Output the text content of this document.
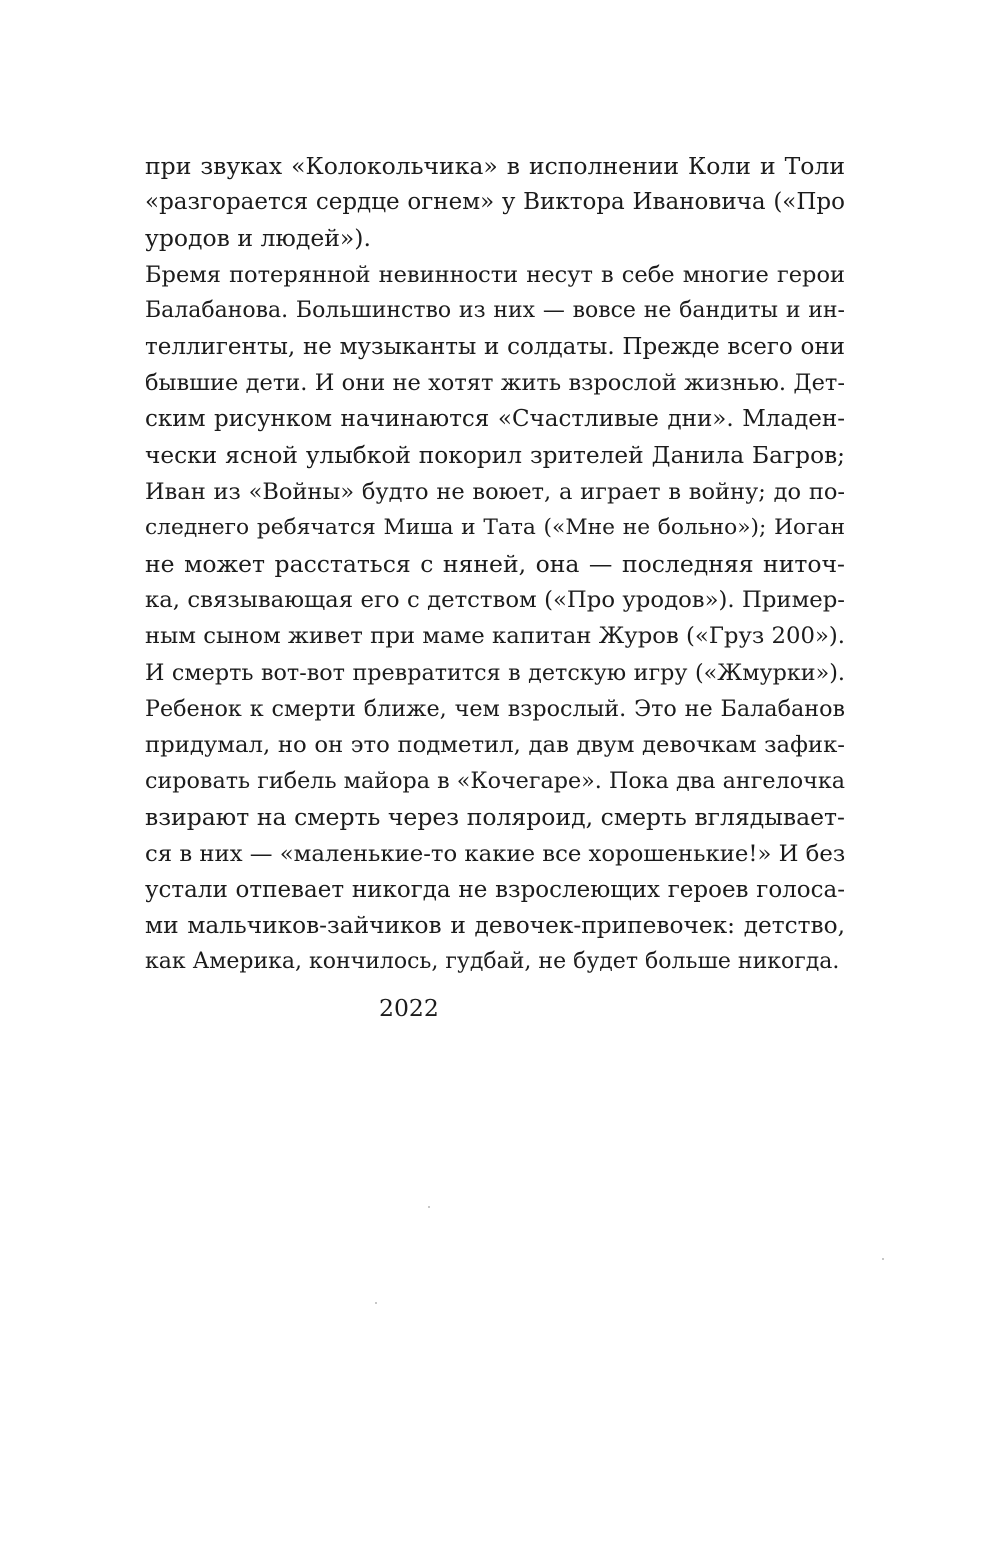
при звуках «Колокольчика» в исполнении Коли и Толи
«разгорается сердце огнем» у Виктора Ивановича («Про
уродов и людей»).
Бремя потерянной невинности несут в себе многие герои
Балабанова. Большинство из них — вовсе не бандиты и ин-
теллигенты, не музыканты и солдаты. Прежде всего они
бывшие дети. И они не хотят жить взрослой жизнью. Дет-
ским рисунком начинаются «Счастливые дни». Младен-
чески ясной улыбкой покорил зрителей Данила Багров;
Иван из «Войны» будто не воюет, а играет в войну; до по-
следнего ребячатся Миша и Тата («Мне не больно»); Иоган
не может расстаться с няней, она — последняя ниточ-
ка, связывающая его с детством («Про уродов»). Пример-
ным сыном живет при маме капитан Журов («Груз 200»).
И смерть вот-вот превратится в детскую игру («Жмурки»).
Ребенок к смерти ближе, чем взрослый. Это не Балабанов
придумал, но он это подметил, дав двум девочкам зафик-
сировать гибель майора в «Кочегаре». Пока два ангелочка
взирают на смерть через поляроид, смерть вглядывает-
ся в них — «маленькие-то какие все хорошенькие!» И без
устали отпевает никогда не взрослеющих героев голоса-
ми мальчиков-зайчиков и девочек-припевочек: детство,
как Америка, кончилось, гудбай, не будет больше никогда.
2022
